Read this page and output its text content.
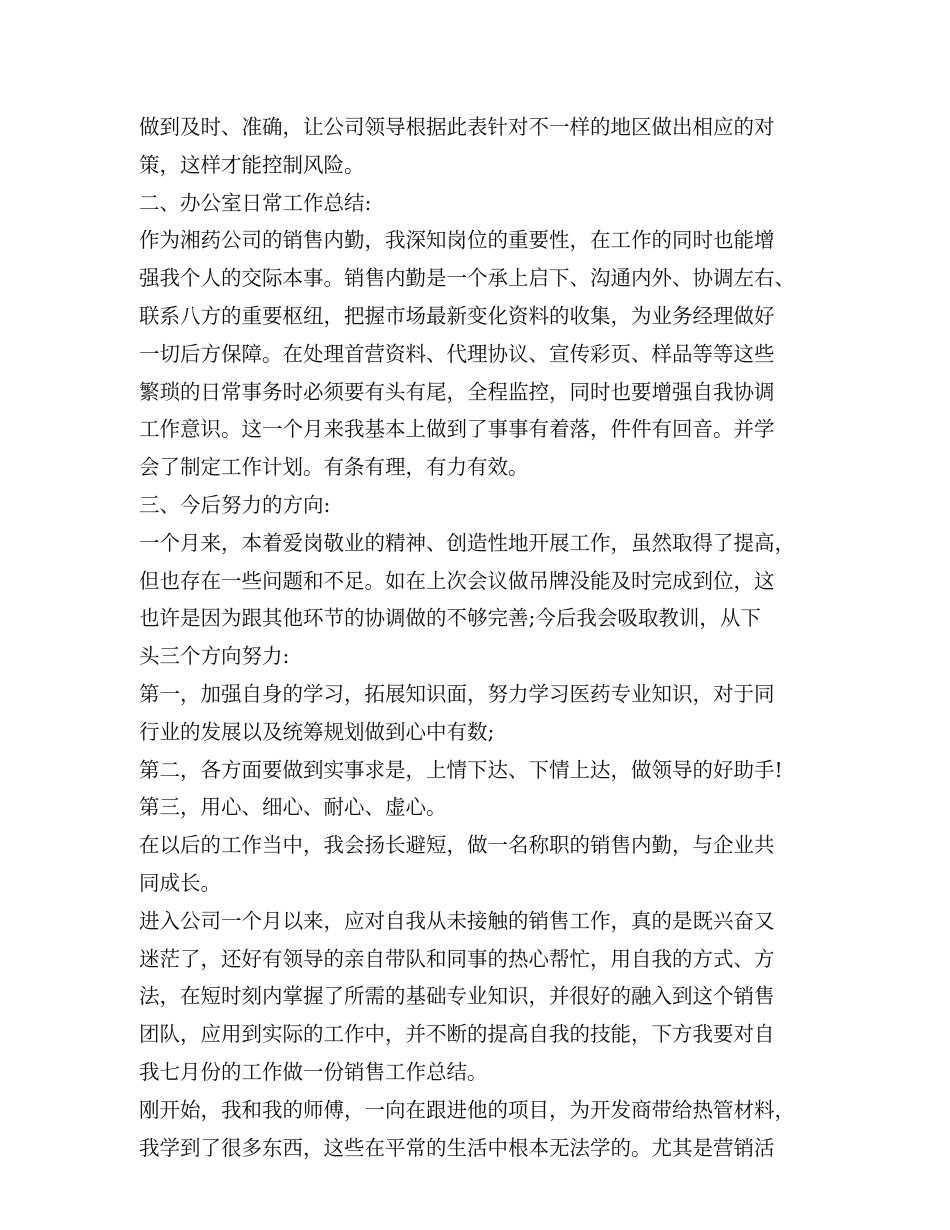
做到及时、准确，让公司领导根据此表针对不一样的地区做出相应的对
策，这样才能控制风险。
二、办公室日常工作总结:
作为湘药公司的销售内勤，我深知岗位的重要性，在工作的同时也能增
强我个人的交际本事。销售内勤是一个承上启下、沟通内外、协调左右、
联系八方的重要枢纽，把握市场最新变化资料的收集，为业务经理做好
一切后方保障。在处理首营资料、代理协议、宣传彩页、样品等等这些
繁琐的日常事务时必须要有头有尾，全程监控，同时也要增强自我协调
工作意识。这一个月来我基本上做到了事事有着落，件件有回音。并学
会了制定工作计划。有条有理，有力有效。
三、今后努力的方向:
一个月来，本着爱岗敬业的精神、创造性地开展工作，虽然取得了提高，
但也存在一些问题和不足。如在上次会议做吊牌没能及时完成到位，这
也许是因为跟其他环节的协调做的不够完善;今后我会吸取教训，从下
头三个方向努力:
第一，加强自身的学习，拓展知识面，努力学习医药专业知识，对于同
行业的发展以及统筹规划做到心中有数;
第二，各方面要做到实事求是，上情下达、下情上达，做领导的好助手!
第三，用心、细心、耐心、虚心。
在以后的工作当中，我会扬长避短，做一名称职的销售内勤，与企业共
同成长。
进入公司一个月以来，应对自我从未接触的销售工作，真的是既兴奋又
迷茫了，还好有领导的亲自带队和同事的热心帮忙，用自我的方式、方
法，在短时刻内掌握了所需的基础专业知识，并很好的融入到这个销售
团队，应用到实际的工作中，并不断的提高自我的技能，下方我要对自
我七月份的工作做一份销售工作总结。
刚开始，我和我的师傅，一向在跟进他的项目，为开发商带给热管材料，
我学到了很多东西，这些在平常的生活中根本无法学的。尤其是营销活
